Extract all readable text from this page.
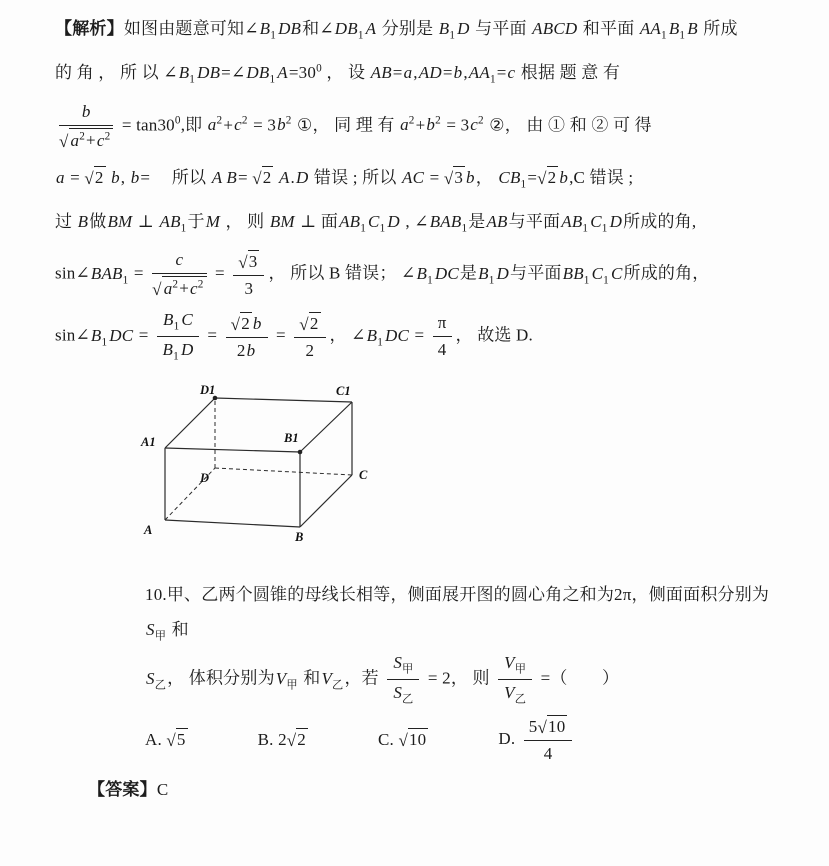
【解析】如图由题意可知$\angle B_1$ DB和$\angle DB_1$ A 分别是 $B_1$ D 与平面 ABCD 和平面 $AA_1$ $B_1$ B 所成
的 角 ， 所 以 $\angle B_1$ $DB=\angle DB_1$ $A=30^0$ ， 设 $AB=a,AD=b,AA_1=c$ 根据 题 意 有
$\frac{b}{√ a^2+c^2} = \tan 30^0$,即 $a^2+c^2 = 3b^2$ ①， 同 理 有 $a^2+b^2 = 3c^2$ ②， 由 ① 和 ② 可 得
a = √2 b, b=　 所以 A B= √2 A.D 错误 ; 所以 AC = √3 b， $CB_1=√2$ b,C 错误 ;
过 B做BM ⊥ $AB_1$于M ， 则 BM ⊥ 面$AB_1$ $C_1$ D , $\angle BAB_1$是AB与平面$AB_1$ $C_1$ D所成的角,
$\sin\angle BAB_1 = \frac{c}{√ a^2+c^2} = \frac{√3}{3}$ ， 所以 B 错误； $\angle B_1$ DC是$B_1$ D与平面$BB_1$ $C_1$ C所成的角，
$\sin\angle B_1$ DC = $\frac{B_1 C}{B_1 D} = \frac{√2 b}{2b} = \frac{√2}{2}$ ， $\angle B_1$ DC = $\frac{\pi}{4}$ ， 故选 D.
D1	C1
A1	B1
D	C
A	B
10.甲、乙两个圆锥的母线长相等，侧面展开图的圆心角之和为2π，侧面面积分别为$S_甲$ 和
$S_乙$， 体积分别为$V_甲$ 和$V_乙$，若 $\frac{S_甲}{S_乙} = 2$， 则 $\frac{V_甲}{V_乙}$ =（　　）
A. √5	B. 2√2	C. √10	D. $\frac{5√10}{4}$
【答案】C
